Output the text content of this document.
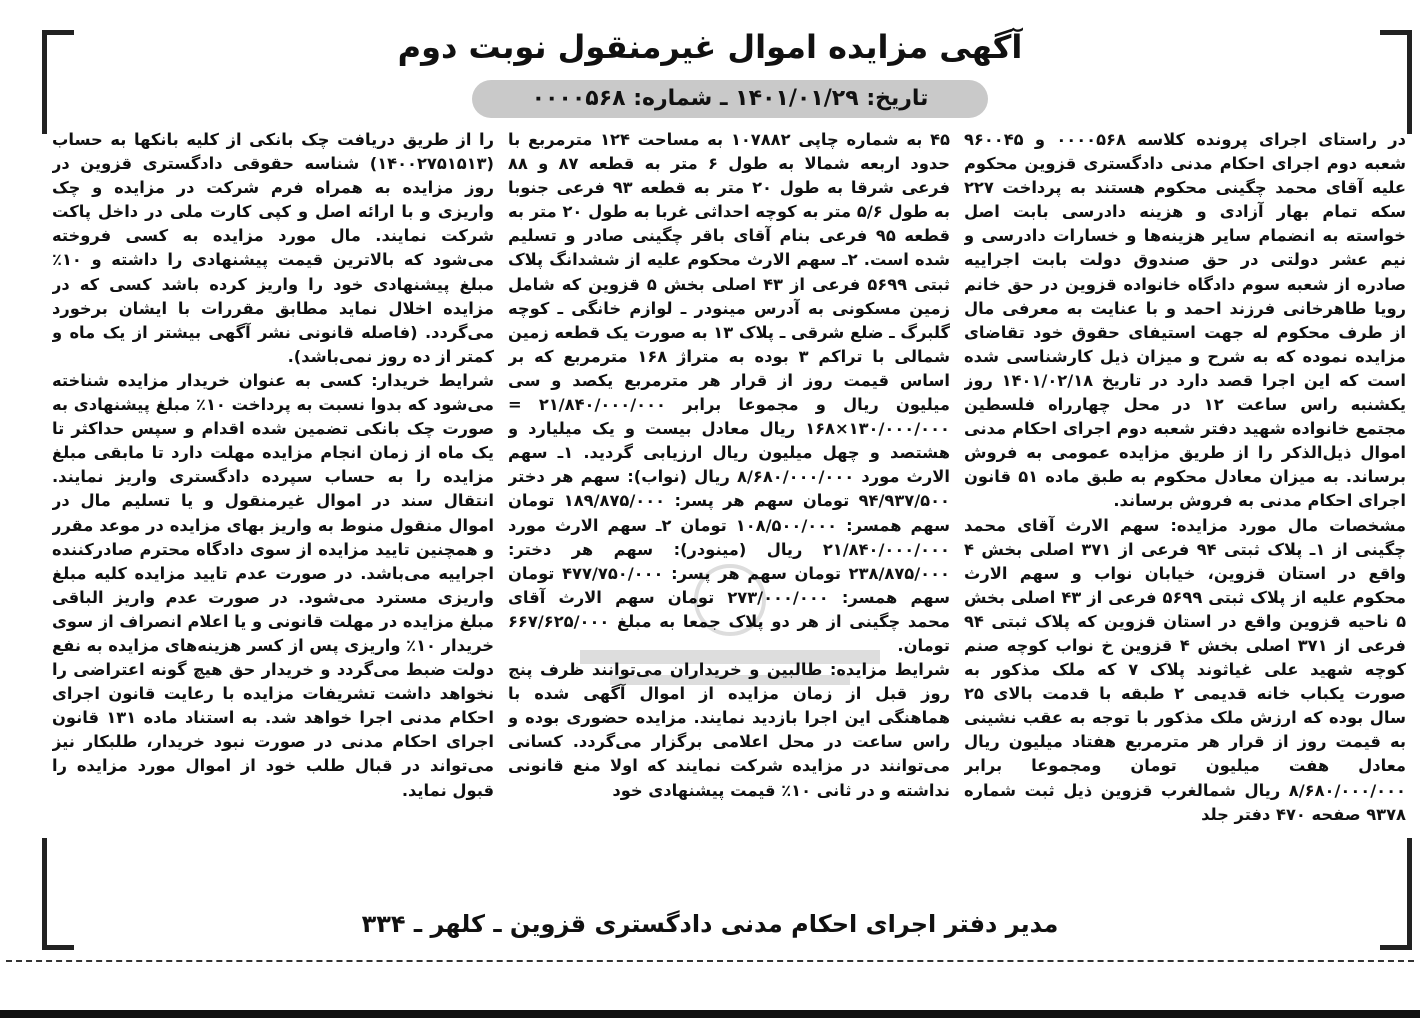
آگهی مزایده اموال غیرمنقول نوبت دوم
تاریخ: ۱۴۰۱/۰۱/۲۹ ـ شماره: ۰۰۰۰۵۶۸

در راستای اجرای پرونده کلاسه ۰۰۰۰۵۶۸ و ۹۶۰۰۴۵ شعبه دوم اجرای احکام مدنی دادگستری قزوین محکوم علیه آقای محمد چگینی محکوم هستند به پرداخت ۲۲۷ سکه تمام بهار آزادی و هزینه دادرسی بابت اصل خواسته به انضمام سایر هزینه‌ها و خسارات دادرسی و نیم عشر دولتی در حق صندوق دولت بابت اجراییه صادره از شعبه سوم دادگاه خانواده قزوین در حق خانم رویا طاهرخانی فرزند احمد و با عنایت به معرفی مال از طرف محکوم له جهت استیفای حقوق خود تقاضای مزایده نموده که به شرح و میزان ذیل کارشناسی شده است که این اجرا قصد دارد در تاریخ ۱۴۰۱/۰۲/۱۸ روز یکشنبه راس ساعت ۱۲ در محل چهارراه فلسطین مجتمع خانواده شهید دفتر شعبه دوم اجرای احکام مدنی اموال ذیل‌الذکر را از طریق مزایده عمومی به فروش برساند. به میزان معادل محکوم به طبق ماده ۵۱ قانون اجرای احکام مدنی به فروش برساند.

مشخصات مال مورد مزایده: سهم الارث آقای محمد چگینی از ۱ـ پلاک ثبتی ۹۴ فرعی از ۳۷۱ اصلی بخش ۴ واقع در استان قزوین، خیابان نواب و سهم الارث محکوم علیه از پلاک ثبتی ۵۶۹۹ فرعی از ۴۳ اصلی بخش ۵ ناحیه قزوین واقع در استان قزوین که پلاک ثبتی ۹۴ فرعی از ۳۷۱ اصلی بخش ۴ قزوین خ نواب کوچه صنم کوچه شهید علی غیاثوند پلاک ۷ که ملک مذکور به صورت یکباب خانه قدیمی ۲ طبقه با قدمت بالای ۲۵ سال بوده که ارزش ملک مذکور با توجه به عقب نشینی به قیمت روز از قرار هر مترمربع هفتاد میلیون ریال معادل هفت میلیون تومان ومجموعا برابر ۸/۶۸۰/۰۰۰/۰۰۰ ریال شمالغرب قزوین ذیل ثبت شماره ۹۳۷۸ صفحه ۴۷۰ دفتر جلد

۴۵ به شماره چاپی ۱۰۷۸۸۲ به مساحت ۱۲۴ مترمربع با حدود اربعه شمالا به طول ۶ متر به قطعه ۸۷ و ۸۸ فرعی شرقا به طول ۲۰ متر به قطعه ۹۳ فرعی جنوبا به طول ۵/۶ متر به کوچه احداثی غربا به طول ۲۰ متر به قطعه ۹۵ فرعی بنام آقای باقر چگینی صادر و تسلیم شده است. ۲ـ سهم الارث محکوم علیه از ششدانگ پلاک ثبتی ۵۶۹۹ فرعی از ۴۳ اصلی بخش ۵ قزوین که شامل زمین مسکونی به آدرس مینودر ـ لوازم خانگی ـ کوچه گلبرگ ـ ضلع شرقی ـ پلاک ۱۳ به صورت یک قطعه زمین شمالی با تراکم ۳ بوده به متراژ ۱۶۸ مترمربع که بر اساس قیمت روز از قرار هر مترمربع یکصد و سی میلیون ریال و مجموعا برابر ۲۱/۸۴۰/۰۰۰/۰۰۰ = ۱۳۰/۰۰۰/۰۰۰×۱۶۸ ریال معادل بیست و یک میلیارد و هشتصد و چهل میلیون ریال ارزیابی گردید. ۱ـ سهم الارث مورد ۸/۶۸۰/۰۰۰/۰۰۰ ریال (نواب): سهم هر دختر ۹۴/۹۳۷/۵۰۰ تومان سهم هر پسر: ۱۸۹/۸۷۵/۰۰۰ تومان سهم همسر: ۱۰۸/۵۰۰/۰۰۰ تومان ۲ـ سهم الارث مورد ۲۱/۸۴۰/۰۰۰/۰۰۰ ریال (مینودر): سهم هر دختر: ۲۳۸/۸۷۵/۰۰۰ تومان سهم هر پسر: ۴۷۷/۷۵۰/۰۰۰ تومان سهم همسر: ۲۷۳/۰۰۰/۰۰۰ تومان سهم الارث آقای محمد چگینی از هر دو پلاک جمعا به مبلغ ۶۶۷/۶۲۵/۰۰۰ تومان.

شرایط مزایده: طالبین و خریداران می‌توانند ظرف پنج روز قبل از زمان مزایده از اموال آگهی شده با هماهنگی این اجرا بازدید نمایند. مزایده حضوری بوده و راس ساعت در محل اعلامی برگزار می‌گردد. کسانی می‌توانند در مزایده شرکت نمایند که اولا منع قانونی نداشته و در ثانی ۱۰٪ قیمت پیشنهادی خود

را از طریق دریافت چک بانکی از کلیه بانکها به حساب (۱۴۰۰۲۷۵۱۵۱۳) شناسه حقوقی دادگستری قزوین در روز مزایده به همراه فرم شرکت در مزایده و چک واریزی و با ارائه اصل و کپی کارت ملی در داخل پاکت شرکت نمایند. مال مورد مزایده به کسی فروخته می‌شود که بالاترین قیمت پیشنهادی را داشته و ۱۰٪ مبلغ پیشنهادی خود را واریز کرده باشد کسی که در مزایده اخلال نماید مطابق مقررات با ایشان برخورد می‌گردد. (فاصله قانونی نشر آگهی بیشتر از یک ماه و کمتر از ده روز نمی‌باشد).

شرایط خریدار: کسی به عنوان خریدار مزایده شناخته می‌شود که بدوا نسبت به پرداخت ۱۰٪ مبلغ پیشنهادی به صورت چک بانکی تضمین شده اقدام و سپس حداکثر تا یک ماه از زمان انجام مزایده مهلت دارد تا مابقی مبلغ مزایده را به حساب سپرده دادگستری واریز نمایند. انتقال سند در اموال غیرمنقول و یا تسلیم مال در اموال منقول منوط به واریز بهای مزایده در موعد مقرر و همچنین تایید مزایده از سوی دادگاه محترم صادرکننده اجراییه می‌باشد. در صورت عدم تایید مزایده کلیه مبلغ واریزی مسترد می‌شود. در صورت عدم واریز الباقی مبلغ مزایده در مهلت قانونی و یا اعلام انصراف از سوی خریدار ۱۰٪ واریزی پس از کسر هزینه‌های مزایده به نفع دولت ضبط می‌گردد و خریدار حق هیچ گونه اعتراضی را نخواهد داشت تشریفات مزایده با رعایت قانون اجرای احکام مدنی اجرا خواهد شد. به استناد ماده ۱۳۱ قانون اجرای احکام مدنی در صورت نبود خریدار، طلبکار نیز می‌تواند در قبال طلب خود از اموال مورد مزایده را قبول نماید.

مدیر دفتر اجرای احکام مدنی دادگستری قزوین ـ کلهر ـ ۳۳۴
